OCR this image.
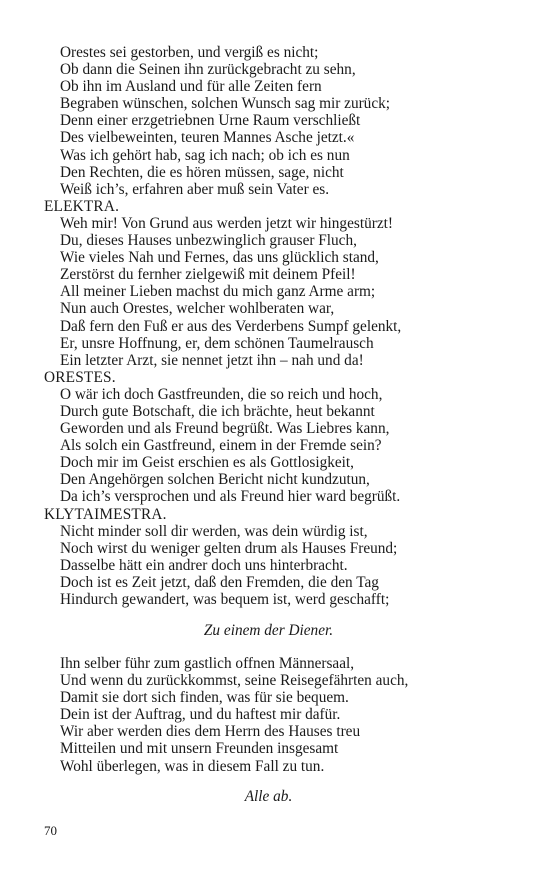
Orestes sei gestorben, und vergiß es nicht;
Ob dann die Seinen ihn zurückgebracht zu sehn,
Ob ihn im Ausland und für alle Zeiten fern
Begraben wünschen, solchen Wunsch sag mir zurück;
Denn einer erzgetriebnen Urne Raum verschließt
Des vielbeweinten, teuren Mannes Asche jetzt.«
Was ich gehört hab, sag ich nach; ob ich es nun
Den Rechten, die es hören müssen, sage, nicht
Weiß ich’s, erfahren aber muß sein Vater es.
ELEKTRA.
Weh mir! Von Grund aus werden jetzt wir hingestürzt!
Du, dieses Hauses unbezwinglich grauser Fluch,
Wie vieles Nah und Fernes, das uns glücklich stand,
Zerstörst du fernher zielgewiß mit deinem Pfeil!
All meiner Lieben machst du mich ganz Arme arm;
Nun auch Orestes, welcher wohlberaten war,
Daß fern den Fuß er aus des Verderbens Sumpf gelenkt,
Er, unsre Hoffnung, er, dem schönen Taumelrausch
Ein letzter Arzt, sie nennet jetzt ihn – nah und da!
ORESTES.
O wär ich doch Gastfreunden, die so reich und hoch,
Durch gute Botschaft, die ich brächte, heut bekannt
Geworden und als Freund begrüßt. Was Liebres kann,
Als solch ein Gastfreund, einem in der Fremde sein?
Doch mir im Geist erschien es als Gottlosigkeit,
Den Angehörgen solchen Bericht nicht kundzutun,
Da ich’s versprochen und als Freund hier ward begrüßt.
KLYTAIMESTRA.
Nicht minder soll dir werden, was dein würdig ist,
Noch wirst du weniger gelten drum als Hauses Freund;
Dasselbe hätt ein andrer doch uns hinterbracht.
Doch ist es Zeit jetzt, daß den Fremden, die den Tag
Hindurch gewandert, was bequem ist, werd geschafft;
Zu einem der Diener.
Ihn selber führ zum gastlich offnen Männersaal,
Und wenn du zurückkommst, seine Reisegefährten auch,
Damit sie dort sich finden, was für sie bequem.
Dein ist der Auftrag, und du haftest mir dafür.
Wir aber werden dies dem Herrn des Hauses treu
Mitteilen und mit unsern Freunden insgesamt
Wohl überlegen, was in diesem Fall zu tun.
Alle ab.
70
